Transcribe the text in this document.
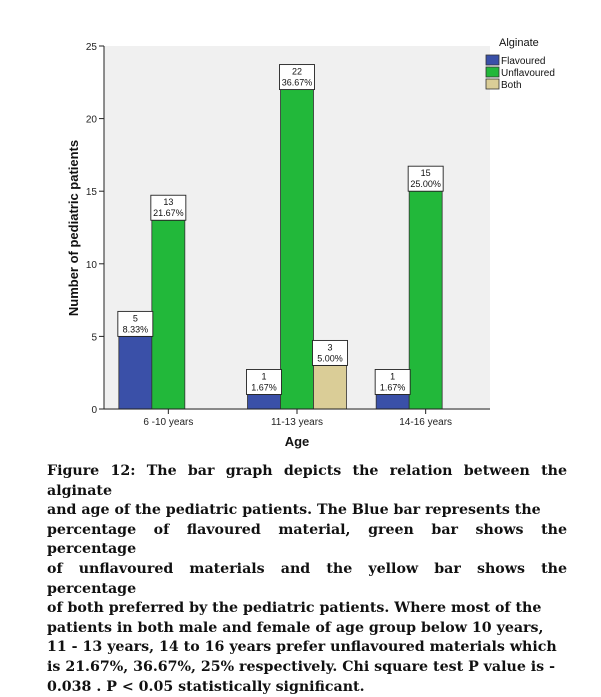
0
5
10
15
20
25
6 -10 years	11-13 years	14-16 years
5
8.33%
13
21.67%
1
1.67%
22
36.67%
3
5.00%
1
1.67%
15
25.00%
Number of pediatric patients
Age
Alginate
Flavoured
Unflavoured
Both
Figure 12: The bar graph depicts the relation between the alginate
and age of the pediatric patients. The Blue bar represents the
percentage of flavoured material, green bar shows the percentage
of unflavoured materials and the yellow bar shows the percentage
of both preferred by the pediatric patients. Where most of the
patients in both male and female of age group below 10 years,
11 - 13 years, 14 to 16 years prefer unflavoured materials which
is 21.67%, 36.67%, 25% respectively. Chi square test P value is -
0.038 . P < 0.05 statistically significant.
